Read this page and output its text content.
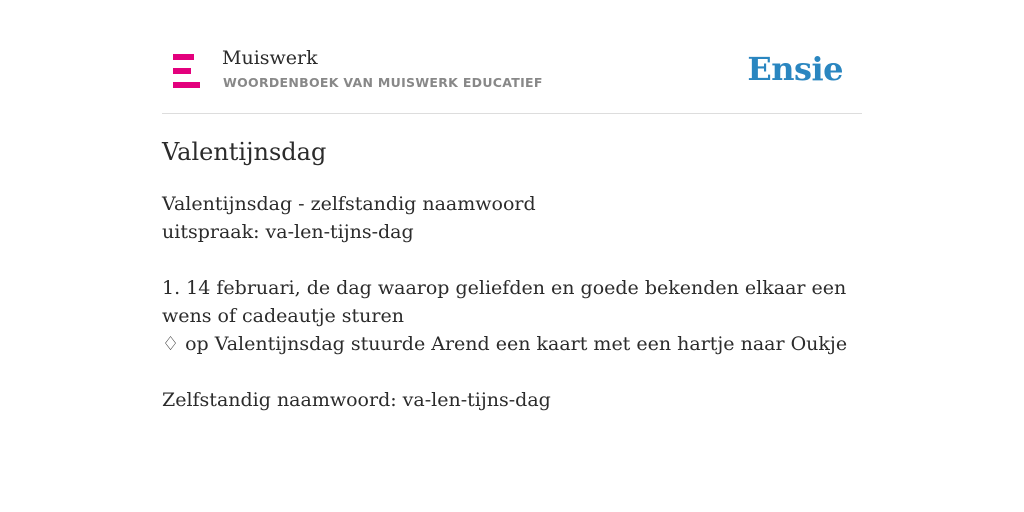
Muiswerk
WOORDENBOEK VAN MUISWERK EDUCATIEF	Ensie
Valentijnsdag
Valentijnsdag - zelfstandig naamwoord
uitspraak: va-len-tijns-dag
1. 14 februari, de dag waarop geliefden en goede bekenden elkaar een wens of cadeautje sturen
♢ op Valentijnsdag stuurde Arend een kaart met een hartje naar Oukje
Zelfstandig naamwoord: va-len-tijns-dag
